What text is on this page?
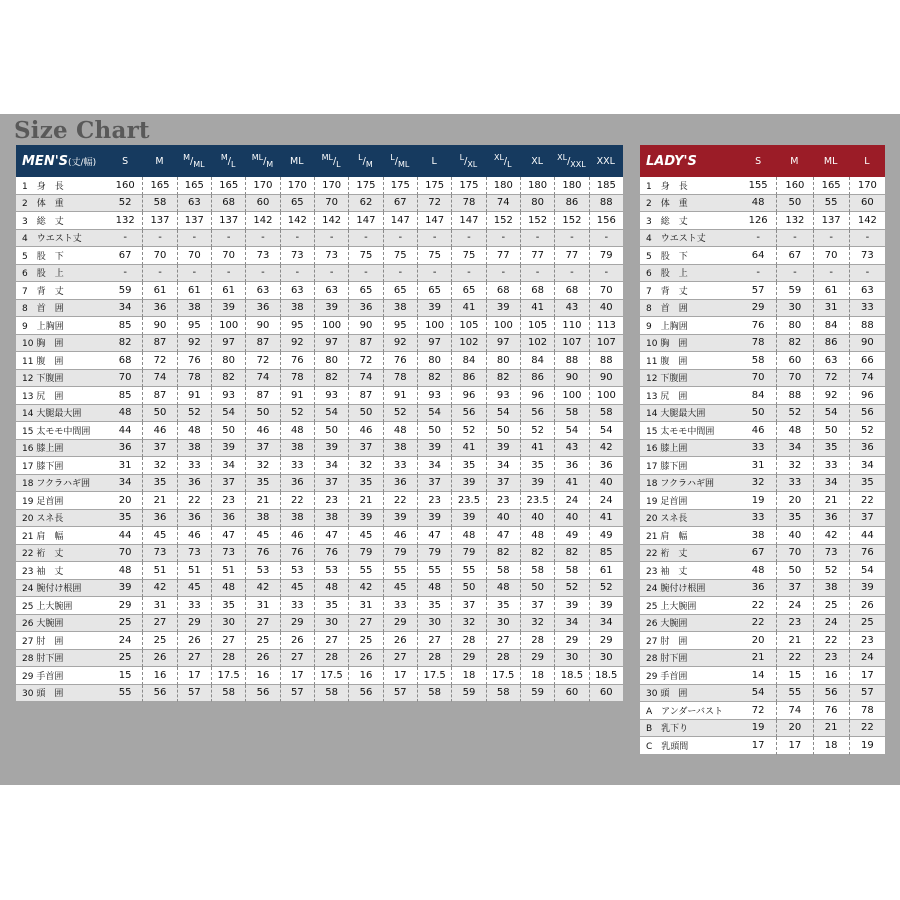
Size Chart
MEN'S(丈/幅)	S	M	$^M/_{ML}$	$^M/_L$	$^{ML}/_M$	ML	$^{ML}/_L$	$^L/_M$	$^L/_{ML}$	L	$^L/_{XL}$	$^{XL}/_L$	XL	$^{XL}/_{XXL}$	XXL
1　身　長	160	165	165	165	170	170	170	175	175	175	175	180	180	180	185
2　体　重	52	58	63	68	60	65	70	62	67	72	78	74	80	86	88
3　総　丈	132	137	137	137	142	142	142	147	147	147	147	152	152	152	156
4　ウエスト丈	-	-	-	-	-	-	-	-	-	-	-	-	-	-	-
5　股　下	67	70	70	70	73	73	73	75	75	75	75	77	77	77	79
6　股　上	-	-	-	-	-	-	-	-	-	-	-	-	-	-	-
7　背　丈	59	61	61	61	63	63	63	65	65	65	65	68	68	68	70
8　首　囲	34	36	38	39	36	38	39	36	38	39	41	39	41	43	40
9　上胸囲	85	90	95	100	90	95	100	90	95	100	105	100	105	110	113
10 胸　囲	82	87	92	97	87	92	97	87	92	97	102	97	102	107	107
11 腹　囲	68	72	76	80	72	76	80	72	76	80	84	80	84	88	88
12 下腹囲	70	74	78	82	74	78	82	74	78	82	86	82	86	90	90
13 尻　囲	85	87	91	93	87	91	93	87	91	93	96	93	96	100	100
14 大腿最大囲	48	50	52	54	50	52	54	50	52	54	56	54	56	58	58
15 太モモ中間囲	44	46	48	50	46	48	50	46	48	50	52	50	52	54	54
16 膝上囲	36	37	38	39	37	38	39	37	38	39	41	39	41	43	42
17 膝下囲	31	32	33	34	32	33	34	32	33	34	35	34	35	36	36
18 フクラハギ囲	34	35	36	37	35	36	37	35	36	37	39	37	39	41	40
19 足首囲	20	21	22	23	21	22	23	21	22	23	23.5	23	23.5	24	24
20 スネ長	35	36	36	36	38	38	38	39	39	39	39	40	40	40	41
21 肩　幅	44	45	46	47	45	46	47	45	46	47	48	47	48	49	49
22 裄　丈	70	73	73	73	76	76	76	79	79	79	79	82	82	82	85
23 袖　丈	48	51	51	51	53	53	53	55	55	55	55	58	58	58	61
24 腕付け根囲	39	42	45	48	42	45	48	42	45	48	50	48	50	52	52
25 上大腕囲	29	31	33	35	31	33	35	31	33	35	37	35	37	39	39
26 大腕囲	25	27	29	30	27	29	30	27	29	30	32	30	32	34	34
27 肘　囲	24	25	26	27	25	26	27	25	26	27	28	27	28	29	29
28 肘下囲	25	26	27	28	26	27	28	26	27	28	29	28	29	30	30
29 手首囲	15	16	17	17.5	16	17	17.5	16	17	17.5	18	17.5	18	18.5	18.5
30 頭　囲	55	56	57	58	56	57	58	56	57	58	59	58	59	60	60
LADY'S	S	M	ML	L
1　身　長	155	160	165	170
2　体　重	48	50	55	60
3　総　丈	126	132	137	142
4　ウエスト丈	-	-	-	-
5　股　下	64	67	70	73
6　股　上	-	-	-	-
7　背　丈	57	59	61	63
8　首　囲	29	30	31	33
9　上胸囲	76	80	84	88
10 胸　囲	78	82	86	90
11 腹　囲	58	60	63	66
12 下腹囲	70	70	72	74
13 尻　囲	84	88	92	96
14 大腿最大囲	50	52	54	56
15 太モモ中間囲	46	48	50	52
16 膝上囲	33	34	35	36
17 膝下囲	31	32	33	34
18 フクラハギ囲	32	33	34	35
19 足首囲	19	20	21	22
20 スネ長	33	35	36	37
21 肩　幅	38	40	42	44
22 裄　丈	67	70	73	76
23 袖　丈	48	50	52	54
24 腕付け根囲	36	37	38	39
25 上大腕囲	22	24	25	26
26 大腕囲	22	23	24	25
27 肘　囲	20	21	22	23
28 肘下囲	21	22	23	24
29 手首囲	14	15	16	17
30 頭　囲	54	55	56	57
A　アンダーバスト	72	74	76	78
B　乳下り	19	20	21	22
C　乳頭間	17	17	18	19
